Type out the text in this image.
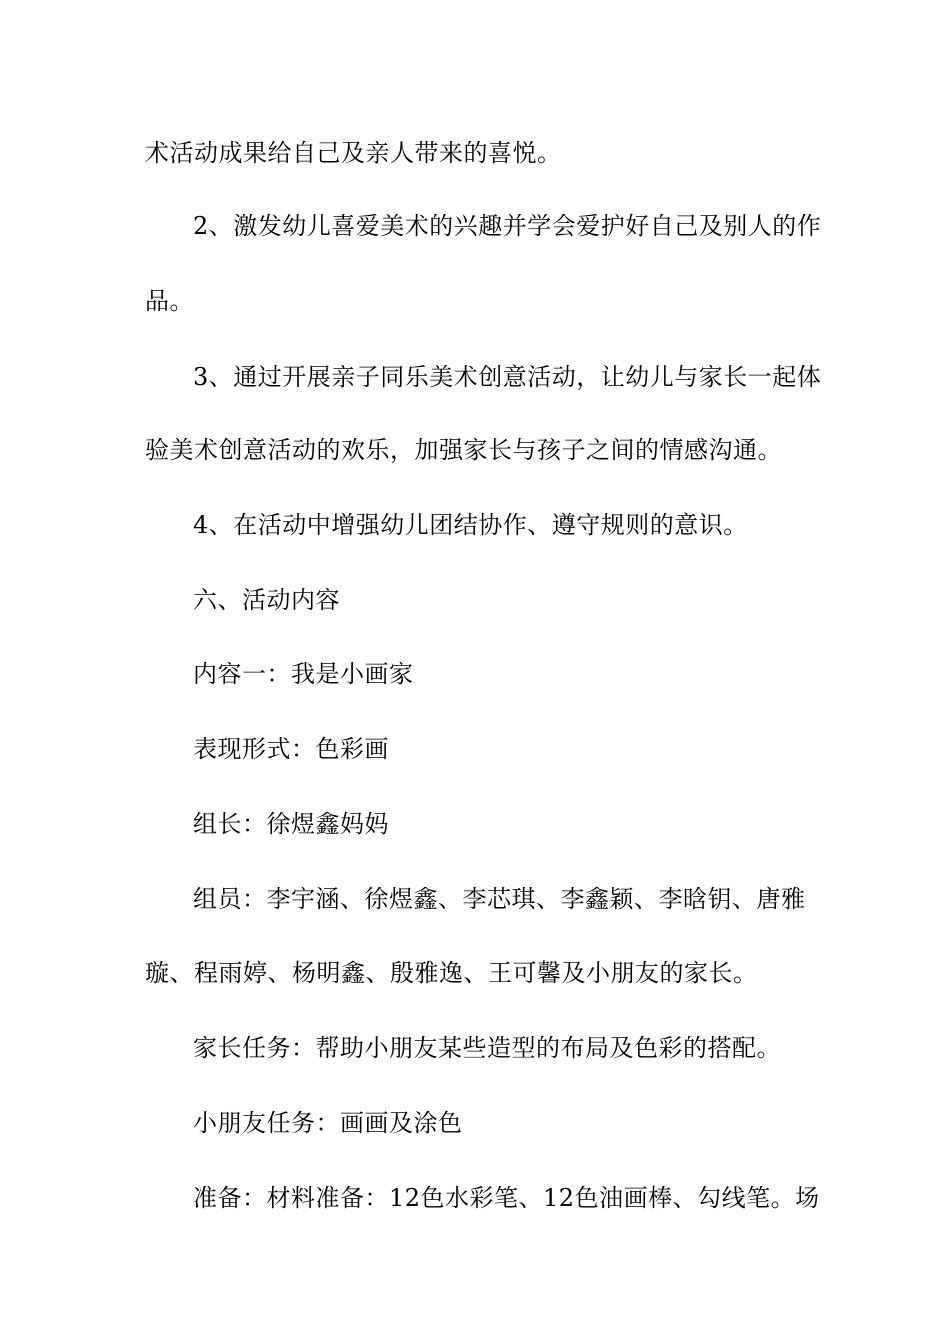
术活动成果给自己及亲人带来的喜悦。
2、激发幼儿喜爱美术的兴趣并学会爱护好自己及别人的作
品。
3、通过开展亲子同乐美术创意活动，让幼儿与家长一起体
验美术创意活动的欢乐，加强家长与孩子之间的情感沟通。
4、在活动中增强幼儿团结协作、遵守规则的意识。
六、活动内容
内容一：我是小画家
表现形式：色彩画
组长：徐煜鑫妈妈
组员：李宇涵、徐煜鑫、李芯琪、李鑫颖、李晗钥、唐雅
璇、程雨婷、杨明鑫、殷雅逸、王可馨及小朋友的家长。
家长任务：帮助小朋友某些造型的布局及色彩的搭配。
小朋友任务：画画及涂色
准备：材料准备：12色水彩笔、12色油画棒、勾线笔。场
